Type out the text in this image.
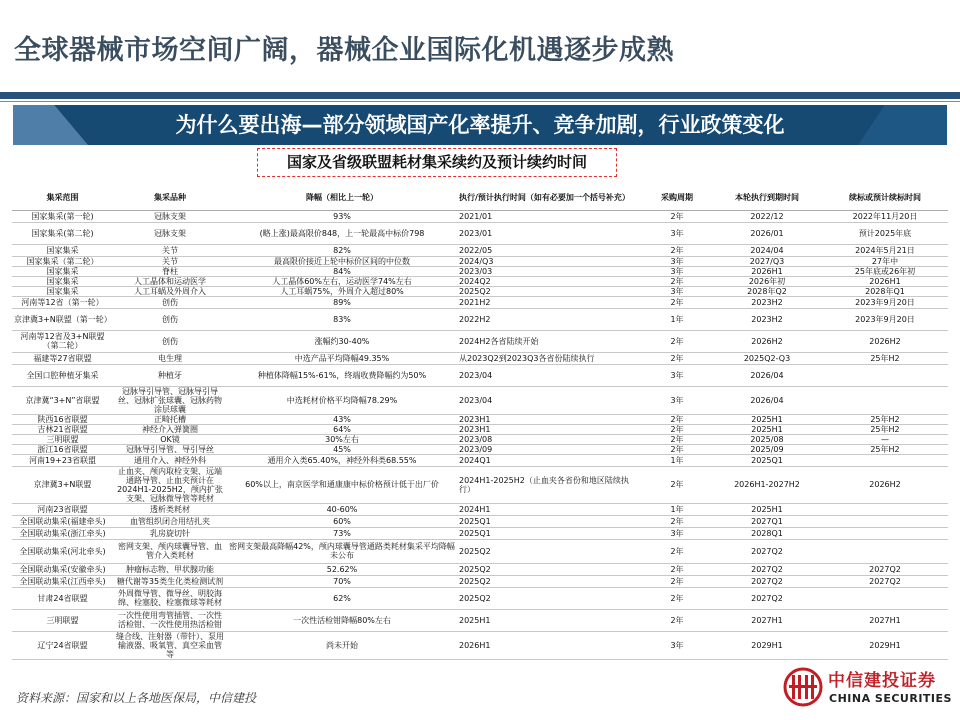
全球器械市场空间广阔，器械企业国际化机遇逐步成熟
为什么要出海—部分领域国产化率提升、竞争加剧，行业政策变化
国家及省级联盟耗材集采续约及预计续约时间
集采范围	集采品种	降幅（相比上一轮）	执行/预计执行时间（如有必要加一个括号补充）	采购周期	本轮执行到期时间	续标或预计续标时间
国家集采(第一轮)	冠脉支架	93%	2021/01	2年	2022/12	2022年11月20日
国家集采(第二轮)	冠脉支架	(略上涨)最高限价848，上一轮最高中标价798	2023/01	3年	2026/01	预计2025年底
国家集采	关节	82%	2022/05	2年	2024/04	2024年5月21日
国家集采（第二轮）	关节	最高限价接近上轮中标价区间的中位数	2024/Q3	3年	2027/Q3	27年中
国家集采	脊柱	84%	2023/03	3年	2026H1	25年底或26年初
国家集采	人工晶体和运动医学	人工晶体60%左右，运动医学74%左右	2024Q2	2年	2026年初	2026H1
国家集采	人工耳蜗及外周介入	人工耳蜗75%，外周介入超过80%	2025Q2	3年	2028年Q2	2028年Q1
河南等12省（第一轮）	创伤	89%	2021H2	2年	2023H2	2023年9月20日
京津冀3+N联盟（第一轮）	创伤	83%	2022H2	1年	2023H2	2023年9月20日
河南等12省及3+N联盟（第二轮）	创伤	涨幅约30-40%	2024H2各省陆续开始	2年	2026H2	2026H2
福建等27省联盟	电生理	中选产品平均降幅49.35%	从2023Q2到2023Q3各省份陆续执行	2年	2025Q2-Q3	25年H2
全国口腔种植牙集采	种植牙	种植体降幅15%-61%，终端收费降幅约为50%	2023/04	3年	2026/04	
京津冀“3+N”省联盟	冠脉导引导管、冠脉导引导丝、冠脉扩张球囊、冠脉药物涂层球囊	中选耗材价格平均降幅78.29%	2023/04	3年	2026/04	
陕西16省联盟	正畸托槽	43%	2023H1	2年	2025H1	25年H2
吉林21省联盟	神经介入弹簧圈	64%	2023H1	2年	2025H1	25年H2
三明联盟	OK镜	30%左右	2023/08	2年	2025/08	—
浙江16省联盟	冠脉导引导管、导引导丝	45%	2023/09	2年	2025/09	25年H2
河南19+23省联盟	通用介入、神经外科	通用介入类65.40%，神经外科类68.55%	2024Q1	1年	2025Q1	
京津冀3+N联盟	止血夹、颅内取栓支架、远端通路导管、止血夹预计在2024H1-2025H2，颅内扩张支架、冠脉微导管等耗材	60%以上，南京医学和通康康中标价格预计低于出厂价	2024H1-2025H2（止血夹各省份和地区陆续执行）	2年	2026H1-2027H2	2026H2
河南23省联盟	透析类耗材	40-60%	2024H1	1年	2025H1	
全国联动集采(福建牵头)	血管组织闭合用结扎夹	60%	2025Q1	2年	2027Q1	
全国联动集采(浙江牵头)	乳房旋切针	73%	2025Q1	3年	2028Q1	
全国联动集采(河北牵头)	密网支架、颅内球囊导管、血管介入类耗材	密网支架最高降幅42%，颅内球囊导管通路类耗材集采平均降幅未公布	2025Q2	2年	2027Q2	
全国联动集采(安徽牵头)	肿瘤标志物、甲状腺功能	52.62%	2025Q2	2年	2027Q2	2027Q2
全国联动集采(江西牵头)	糖代谢等35类生化类检测试剂	70%	2025Q2	2年	2027Q2	2027Q2
甘肃24省联盟	外周微导管、微导丝、明胶海绵、栓塞胶、栓塞微球等耗材	62%	2025Q2	2年	2027Q2	
三明联盟	一次性使用弯管插管、一次性活检钳、一次性使用热活检钳	一次性活检钳降幅80%左右	2025H1	2年	2027H1	2027H1
辽宁24省联盟	缝合线、注射器（带针）、泵用输液器、吸氧管、真空采血管等	尚未开始	2026H1	3年	2029H1	2029H1
资料来源：国家和以上各地医保局，中信建投
中信建投证券
CHINA SECURITIES
